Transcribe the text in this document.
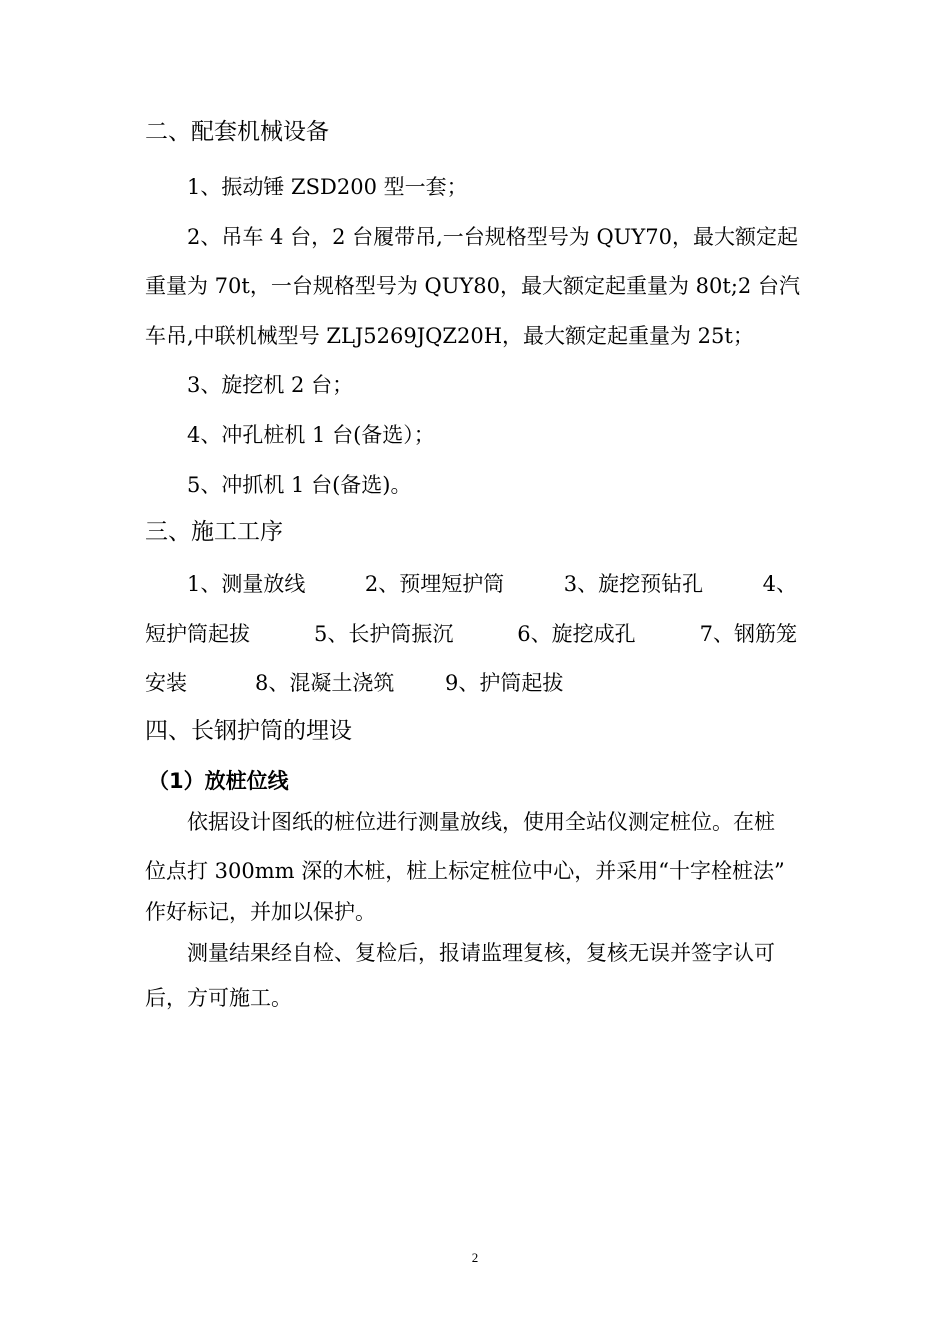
二、配套机械设备
1、振动锤 ZSD200 型一套；
2、吊车 4 台，2 台履带吊,一台规格型号为 QUY70，最大额定起
重量为 70t，一台规格型号为 QUY80，最大额定起重量为 80t;2 台汽
车吊,中联机械型号 ZLJ5269JQZ20H，最大额定起重量为 25t；
3、旋挖机 2 台；
4、冲孔桩机 1 台(备选）；
5、冲抓机 1 台(备选)。
三、施工工序
1、测量放线	2、预埋短护筒	3、旋挖预钻孔	4、
短护筒起拔	5、长护筒振沉	6、旋挖成孔	7、钢筋笼
安装	8、混凝土浇筑 9、护筒起拔
四、长钢护筒的埋设
（1）放桩位线
依据设计图纸的桩位进行测量放线，使用全站仪测定桩位。在桩
位点打 300mm 深的木桩，桩上标定桩位中心，并采用“十字栓桩法”
作好标记，并加以保护。
测量结果经自检、复检后，报请监理复核，复核无误并签字认可
后，方可施工。
2
